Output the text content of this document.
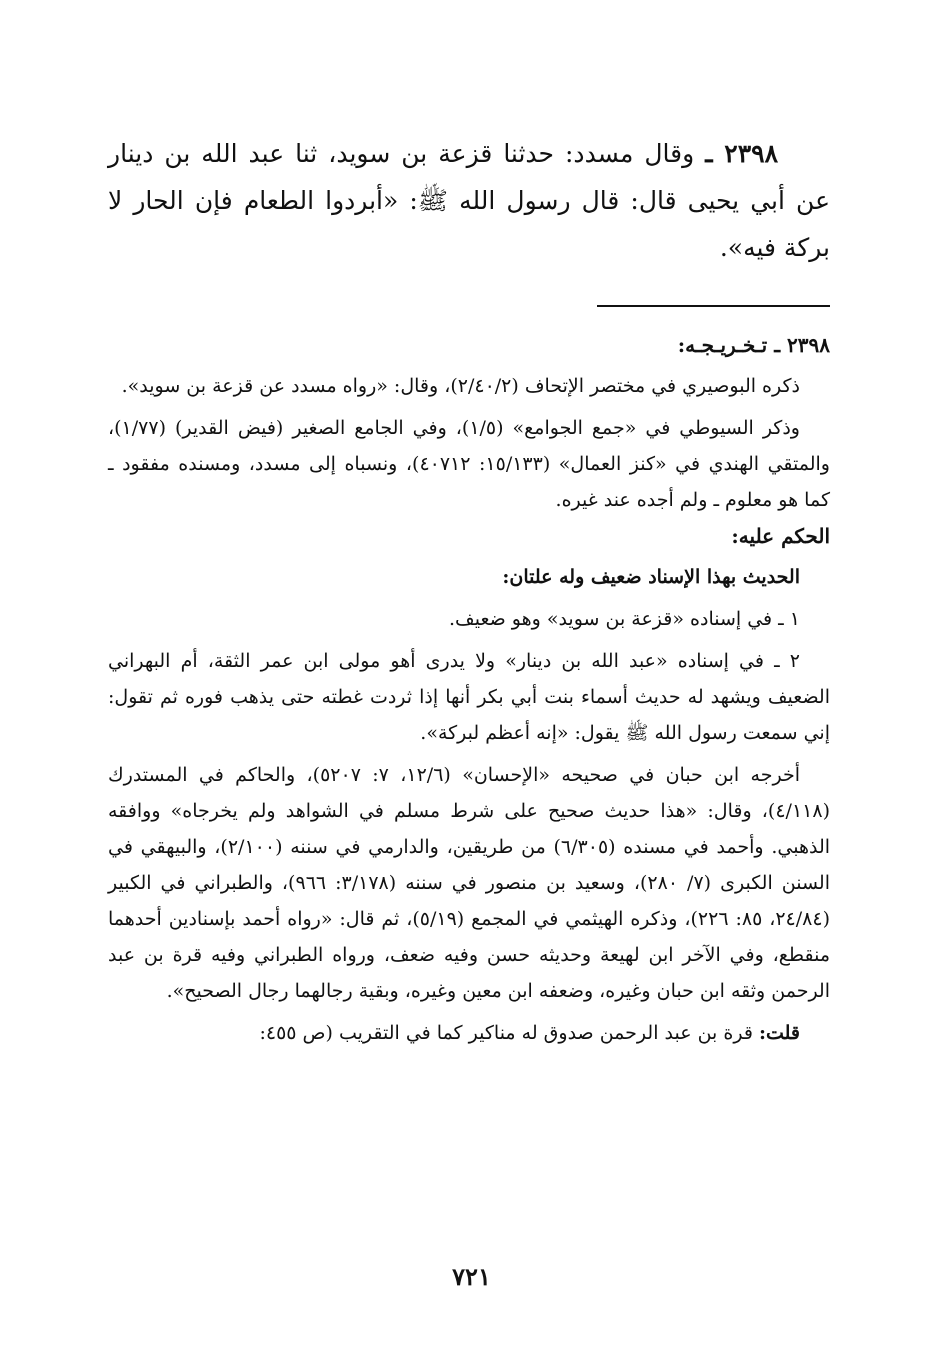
٢٣٩٨ ـ وقال مسدد: حدثنا قزعة بن سويد، ثنا عبد الله بن دينار عن أبي يحيى قال: قال رسول الله ﷺ: «أبردوا الطعام فإن الحار لا بركة فيه».

٢٣٩٨ ـ تـخـريـجـه:

ذكره البوصيري في مختصر الإتحاف (٢/٤٠/٢)، وقال: «رواه مسدد عن قزعة بن سويد».

وذكر السيوطي في «جمع الجوامع» (١/٥)، وفي الجامع الصغير (فيض القدير) (١/٧٧)، والمتقي الهندي في «كنز العمال» (١٥/١٣٣: ٤٠٧١٢)، ونسباه إلى مسدد، ومسنده مفقود ـ كما هو معلوم ـ ولم أجده عند غيره.

الحكم عليه:

الحديث بهذا الإسناد ضعيف وله علتان:

١ ـ في إسناده «قزعة بن سويد» وهو ضعيف.

٢ ـ في إسناده «عبد الله بن دينار» ولا يدرى أهو مولى ابن عمر الثقة، أم البهراني الضعيف ويشهد له حديث أسماء بنت أبي بكر أنها إذا ثردت غطته حتى يذهب فوره ثم تقول: إني سمعت رسول الله ﷺ يقول: «إنه أعظم لبركة».

أخرجه ابن حبان في صحيحه «الإحسان» (١٢/٦، ٧: ٥٢٠٧)، والحاكم في المستدرك (٤/١١٨)، وقال: «هذا حديث صحيح على شرط مسلم في الشواهد ولم يخرجاه» ووافقه الذهبي. وأحمد في مسنده (٦/٣٠٥) من طريقين، والدارمي في سننه (٢/١٠٠)، والبيهقي في السنن الكبرى (٧/ ٢٨٠)، وسعيد بن منصور في سننه (٣/١٧٨: ٩٦٦)، والطبراني في الكبير (٢٤/٨٤، ٨٥: ٢٢٦)، وذكره الهيثمي في المجمع (٥/١٩)، ثم قال: «رواه أحمد بإسنادين أحدهما منقطع، وفي الآخر ابن لهيعة وحديثه حسن وفيه ضعف، ورواه الطبراني وفيه قرة بن عبد الرحمن وثقه ابن حبان وغيره، وضعفه ابن معين وغيره، وبقية رجالهما رجال الصحيح».

قلت: قرة بن عبد الرحمن صدوق له مناكير كما في التقريب (ص ٤٥٥:

٧٢١
